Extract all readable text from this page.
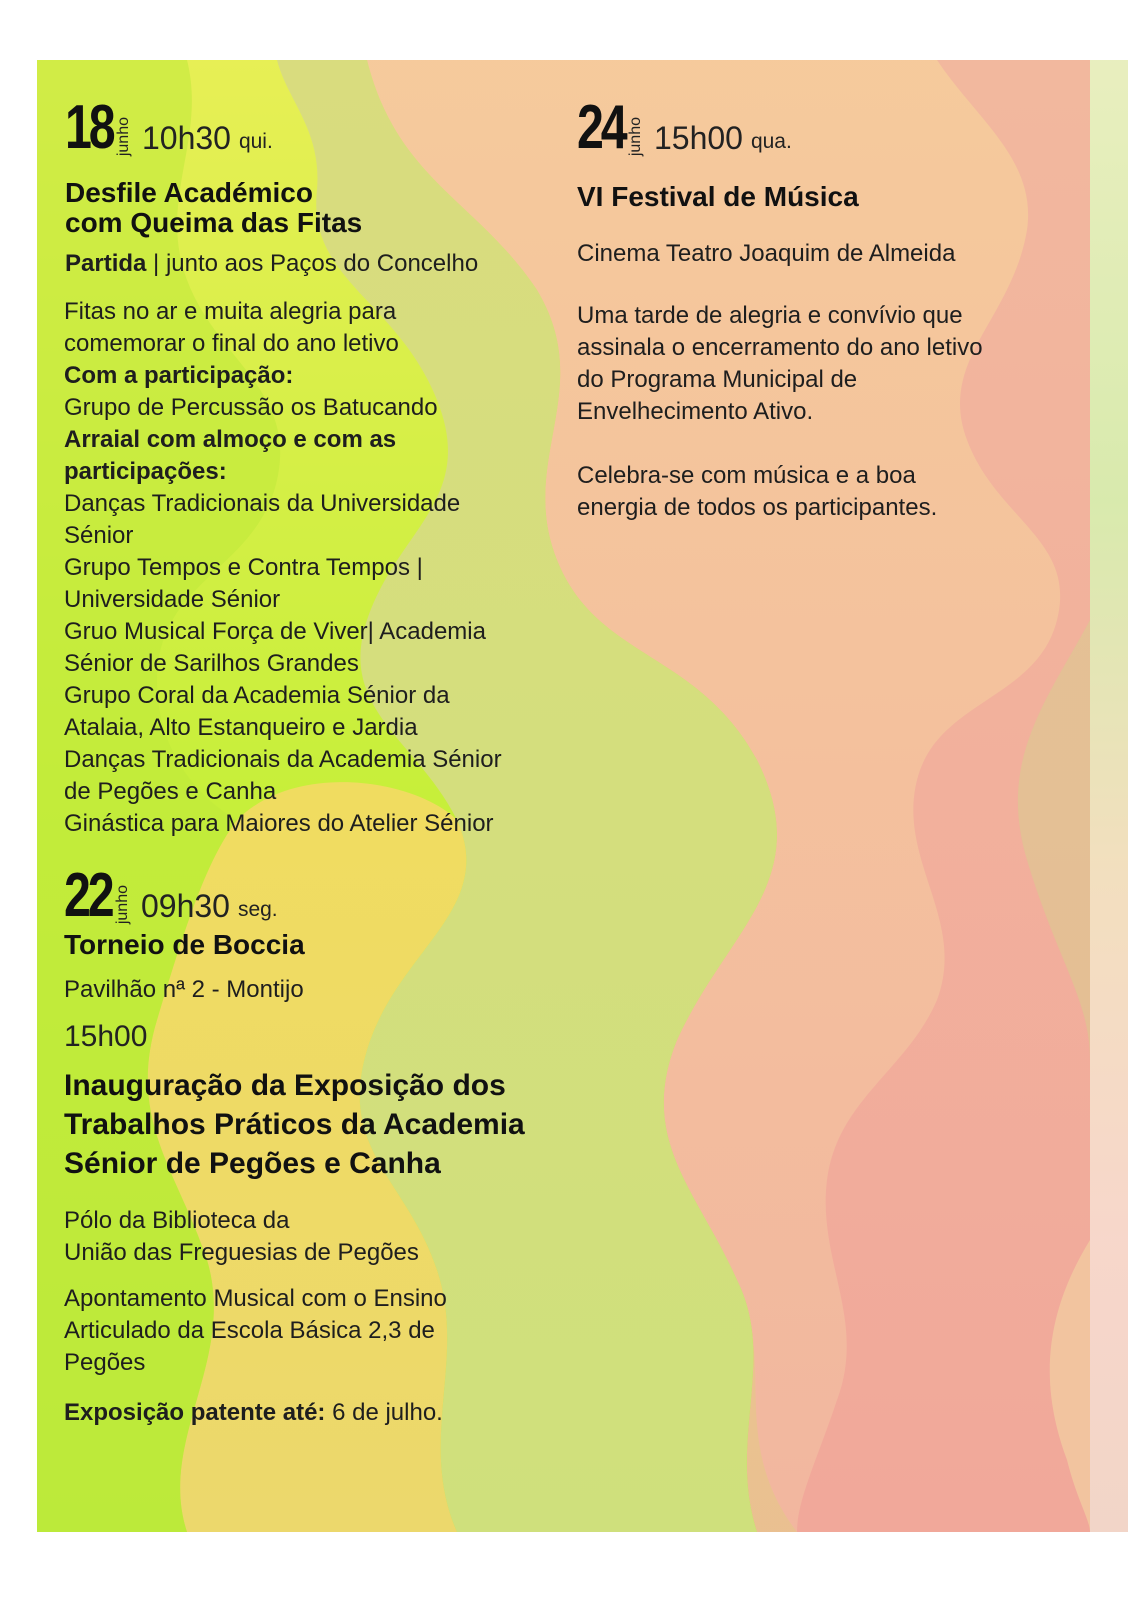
18 junho 10h30 qui.
Desfile Académico
com Queima das Fitas
Partida | junto aos Paços do Concelho
Fitas no ar e muita alegria para
comemorar o final do ano letivo
Com a participação:
Grupo de Percussão os Batucando
Arraial com almoço e com as
participações:
Danças Tradicionais da Universidade
Sénior
Grupo Tempos e Contra Tempos |
Universidade Sénior
Gruo Musical Força de Viver| Academia
Sénior de Sarilhos Grandes
Grupo Coral da Academia Sénior da
Atalaia, Alto Estanqueiro e Jardia
Danças Tradicionais da Academia Sénior
de Pegões e Canha
Ginástica para Maiores do Atelier Sénior
24 junho 15h00 qua.
VI Festival de Música
Cinema Teatro Joaquim de Almeida
Uma tarde de alegria e convívio que
assinala o encerramento do ano letivo
do Programa Municipal de
Envelhecimento Ativo.
Celebra-se com música e a boa
energia de todos os participantes.
22 junho 09h30 seg.
Torneio de Boccia
Pavilhão nª 2 - Montijo
15h00
Inauguração da Exposição dos
Trabalhos Práticos da Academia
Sénior de Pegões e Canha
Pólo da Biblioteca da
União das Freguesias de Pegões
Apontamento Musical com o Ensino
Articulado da Escola Básica 2,3 de
Pegões
Exposição patente até: 6 de julho.
